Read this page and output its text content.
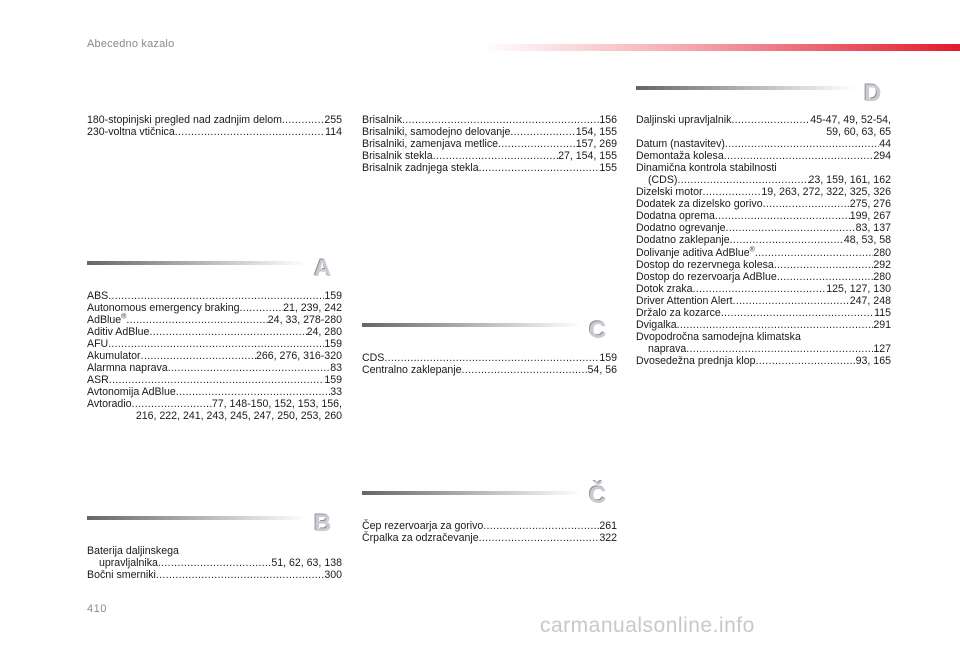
Abecedno kazalo
180-stopinjski pregled nad zadnjim delom .....	255
230-voltna vtičnica .....	114
A
ABS .....	159
Autonomous emergency braking .....	21, 239, 242
AdBlue® .....	24, 33, 278-280
Aditiv AdBlue .....	24, 280
AFU .....	159
Akumulator .....	266, 276, 316-320
Alarmna naprava .....	83
ASR .....	159
Avtonomija AdBlue .....	33
Avtoradio .....	77, 148-150, 152, 153, 156,
216, 222, 241, 243, 245, 247, 250, 253, 260
B
Baterija daljinskega
upravljalnika .....	51, 62, 63, 138
Bočni smerniki .....	300
Brisalnik .....	156
Brisalniki, samodejno delovanje .....	154, 155
Brisalniki, zamenjava metlice .....	157, 269
Brisalnik stekla .....	27, 154, 155
Brisalnik zadnjega stekla .....	155
C
CDS .....	159
Centralno zaklepanje .....	54, 56
Č
Čep rezervoarja za gorivo .....	261
Črpalka za odzračevanje .....	322
D
Daljinski upravljalnik .....	45-47, 49, 52-54,
59, 60, 63, 65
Datum (nastavitev) .....	44
Demontaža kolesa .....	294
Dinamična kontrola stabilnosti
(CDS) .....	23, 159, 161, 162
Dizelski motor .....	19, 263, 272, 322, 325, 326
Dodatek za dizelsko gorivo .....	275, 276
Dodatna oprema .....	199, 267
Dodatno ogrevanje .....	83, 137
Dodatno zaklepanje .....	48, 53, 58
Dolivanje aditiva AdBlue® .....	280
Dostop do rezervnega kolesa .....	292
Dostop do rezervoarja AdBlue .....	280
Dotok zraka .....	125, 127, 130
Driver Attention Alert .....	247, 248
Držalo za kozarce .....	115
Dvigalka .....	291
Dvopodročna samodejna klimatska
naprava .....	127
Dvosedežna prednja klop .....	93, 165
410
carmanualsonline.info
